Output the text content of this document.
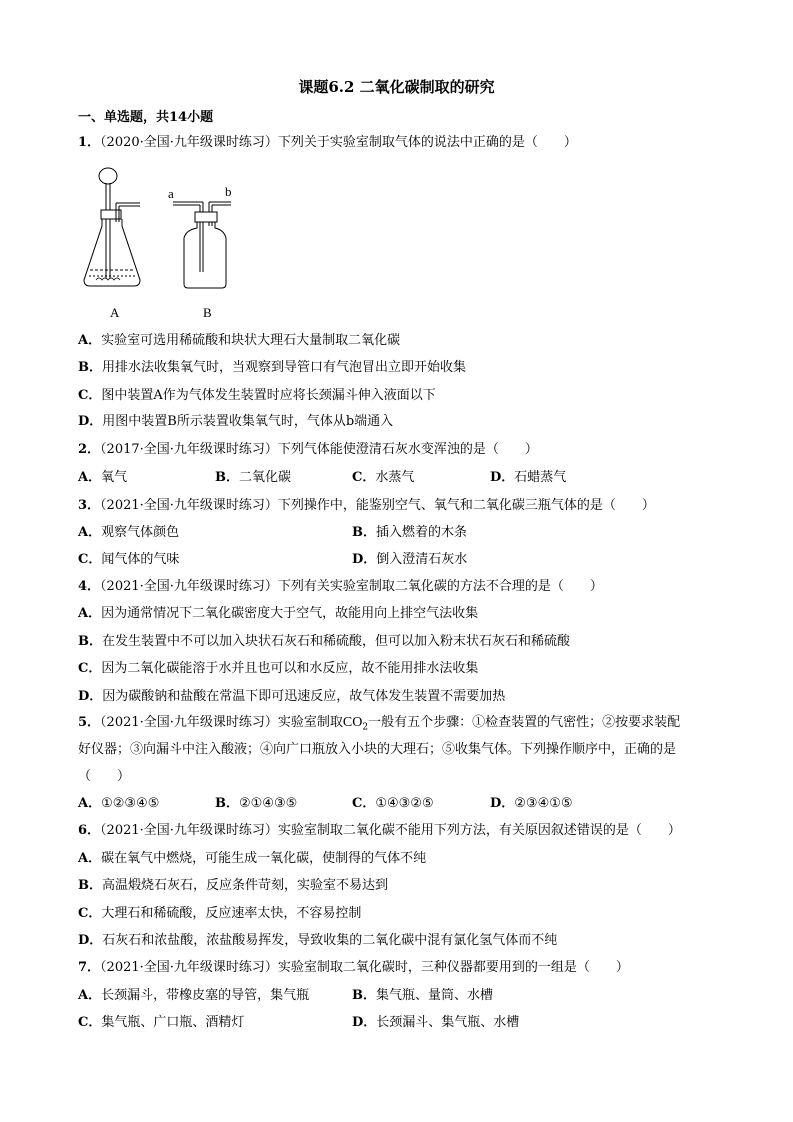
课题6.2 二氧化碳制取的研究
一、单选题，共14小题
1．（2020·全国·九年级课时练习）下列关于实验室制取气体的说法中正确的是（　　）
a	b
A	B
A．实验室可选用稀硫酸和块状大理石大量制取二氧化碳
B．用排水法收集氧气时，当观察到导管口有气泡冒出立即开始收集
C．图中装置A作为气体发生装置时应将长颈漏斗伸入液面以下
D．用图中装置B所示装置收集氧气时，气体从b端通入
2．（2017·全国·九年级课时练习）下列气体能使澄清石灰水变浑浊的是（　　）
A．氧气	B．二氧化碳	C．水蒸气	D．石蜡蒸气
3．（2021·全国·九年级课时练习）下列操作中，能鉴别空气、氧气和二氧化碳三瓶气体的是（　　）
A．观察气体颜色	B．插入燃着的木条
C．闻气体的气味	D．倒入澄清石灰水
4．（2021·全国·九年级课时练习）下列有关实验室制取二氧化碳的方法不合理的是（　　）
A．因为通常情况下二氧化碳密度大于空气，故能用向上排空气法收集
B．在发生装置中不可以加入块状石灰石和稀硫酸，但可以加入粉末状石灰石和稀硫酸
C．因为二氧化碳能溶于水并且也可以和水反应，故不能用排水法收集
D．因为碳酸钠和盐酸在常温下即可迅速反应，故气体发生装置不需要加热
5．（2021·全国·九年级课时练习）实验室制取$CO_2$一般有五个步骤：①检查装置的气密性；②按要求装配
好仪器；③向漏斗中注入酸液；④向广口瓶放入小块的大理石；⑤收集气体。下列操作顺序中，正确的是
（　　）
A．①②③④⑤	B．②①④③⑤	C．①④③②⑤	D．②③④①⑤
6．（2021·全国·九年级课时练习）实验室制取二氧化碳不能用下列方法，有关原因叙述错误的是（　　）
A．碳在氧气中燃烧，可能生成一氧化碳，使制得的气体不纯
B．高温煅烧石灰石，反应条件苛刻，实验室不易达到
C．大理石和稀硫酸，反应速率太快，不容易控制
D．石灰石和浓盐酸，浓盐酸易挥发，导致收集的二氧化碳中混有氯化氢气体而不纯
7．（2021·全国·九年级课时练习）实验室制取二氧化碳时，三种仪器都要用到的一组是（　　）
A．长颈漏斗，带橡皮塞的导管，集气瓶	B．集气瓶、量筒、水槽
C．集气瓶、广口瓶、酒精灯	D．长颈漏斗、集气瓶、水槽
